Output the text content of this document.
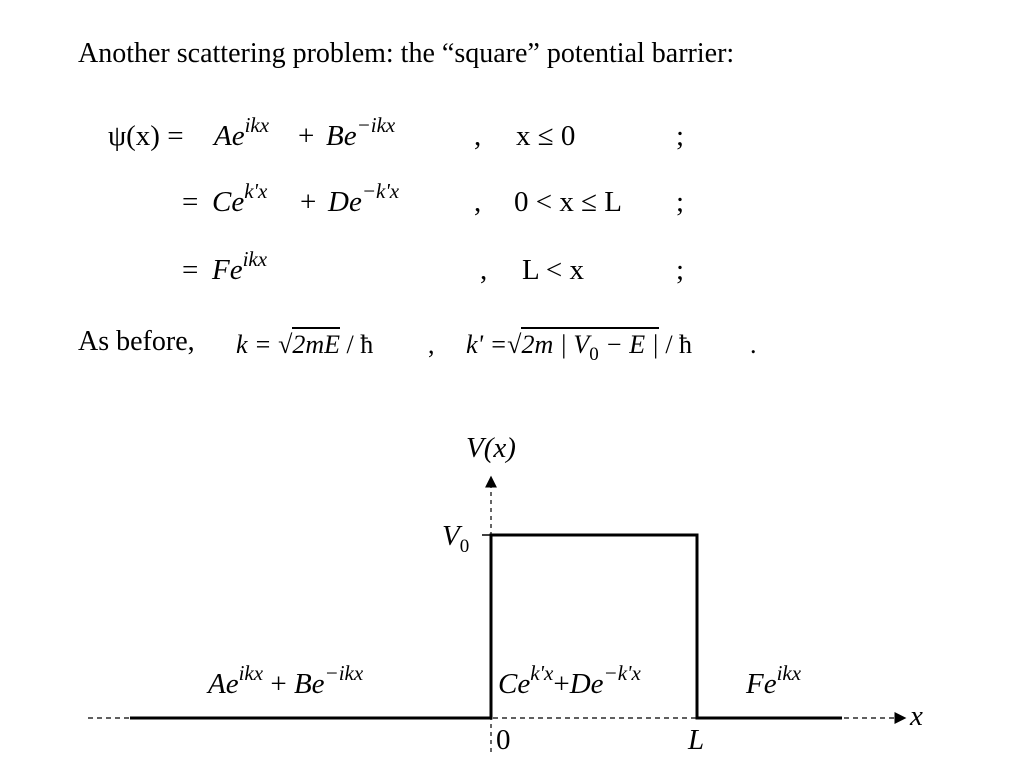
Another scattering problem: the “square” potential barrier:
$\psi(x) = Ae^{ikx} + Be^{-ikx}$	, x ≤ 0	;
= $Ce^{k'x} + De^{-k'x}$	, 0 < x ≤ L ;
= $Fe^{ikx}$	, L < x	;
As before, k = √2mE / ħ , k' =√2m | $V_0 - E$ | / ħ .
V(x)
x
$V_0$
0	L
$Ae^{ikx} + Be^{-ikx}$	$Ce^{k'x}+De^{-k'x}$	$Fe^{ikx}$
